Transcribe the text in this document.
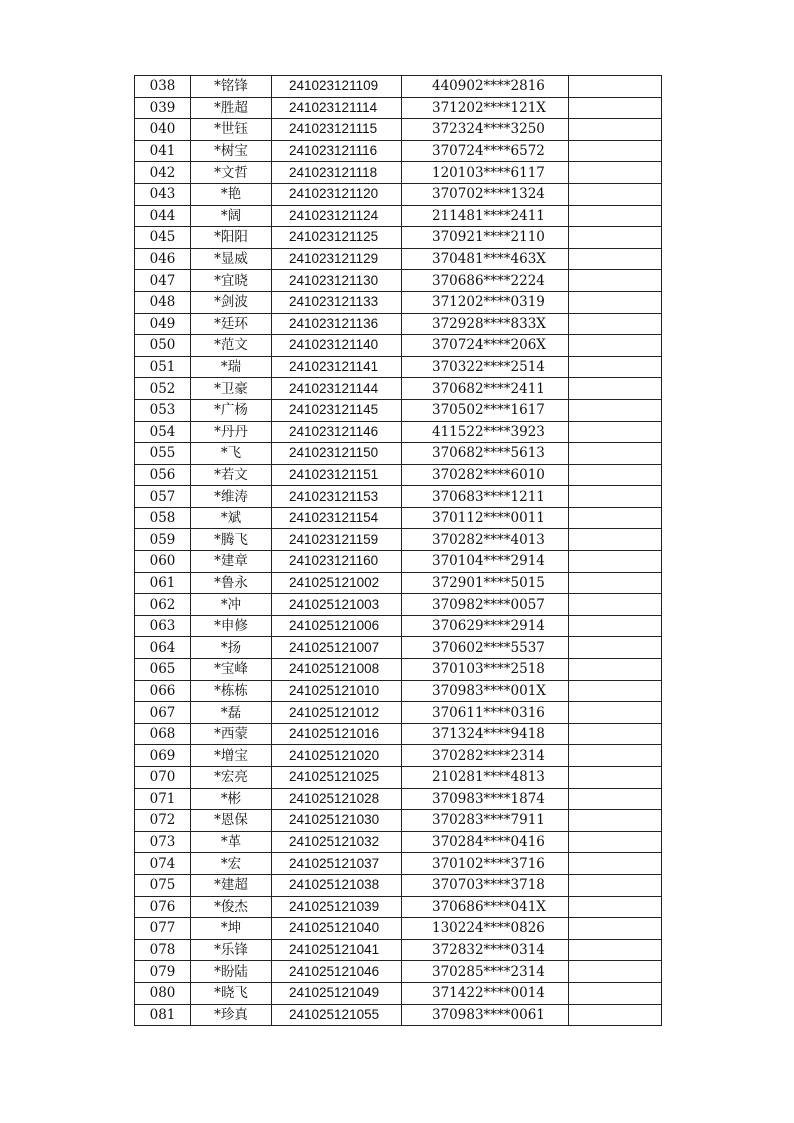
038	*铭锋	241023121109	440902****2816	
039	*胜超	241023121114	371202****121X	
040	*世钰	241023121115	372324****3250	
041	*树宝	241023121116	370724****6572	
042	*文哲	241023121118	120103****6117	
043	*艳	241023121120	370702****1324	
044	*阔	241023121124	211481****2411	
045	*阳阳	241023121125	370921****2110	
046	*显威	241023121129	370481****463X	
047	*宜晓	241023121130	370686****2224	
048	*剑波	241023121133	371202****0319	
049	*廷环	241023121136	372928****833X	
050	*范文	241023121140	370724****206X	
051	*瑞	241023121141	370322****2514	
052	*卫豪	241023121144	370682****2411	
053	*广杨	241023121145	370502****1617	
054	*丹丹	241023121146	411522****3923	
055	*飞	241023121150	370682****5613	
056	*若文	241023121151	370282****6010	
057	*维涛	241023121153	370683****1211	
058	*斌	241023121154	370112****0011	
059	*腾飞	241023121159	370282****4013	
060	*建章	241023121160	370104****2914	
061	*鲁永	241025121002	372901****5015	
062	*冲	241025121003	370982****0057	
063	*申修	241025121006	370629****2914	
064	*扬	241025121007	370602****5537	
065	*宝峰	241025121008	370103****2518	
066	*栋栋	241025121010	370983****001X	
067	*磊	241025121012	370611****0316	
068	*西蒙	241025121016	371324****9418	
069	*增宝	241025121020	370282****2314	
070	*宏亮	241025121025	210281****4813	
071	*彬	241025121028	370983****1874	
072	*恩保	241025121030	370283****7911	
073	*革	241025121032	370284****0416	
074	*宏	241025121037	370102****3716	
075	*建超	241025121038	370703****3718	
076	*俊杰	241025121039	370686****041X	
077	*坤	241025121040	130224****0826	
078	*乐锋	241025121041	372832****0314	
079	*盼陆	241025121046	370285****2314	
080	*晓飞	241025121049	371422****0014	
081	*珍真	241025121055	370983****0061	
